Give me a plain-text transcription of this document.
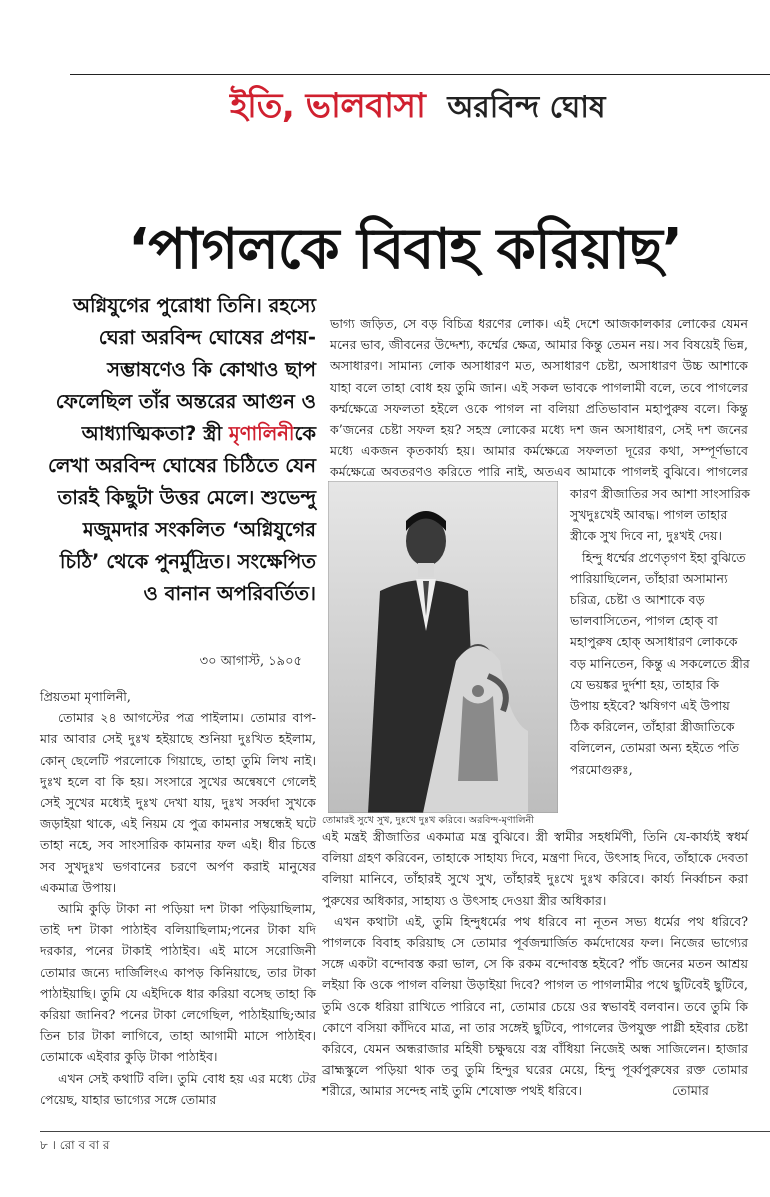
ইতি, ভালবাসা অরবিন্দ ঘোষ
‘পাগলকে বিবাহ করিয়াছ’
অগ্নিযুগের পুরোধা তিনি। রহস্যে ঘেরা অরবিন্দ ঘোষের প্রণয়-সম্ভাষণেও কি কোথাও ছাপ ফেলেছিল তাঁর অন্তরের আগুন ও আধ্যাত্মিকতা? স্ত্রী মৃণালিনীকে লেখা অরবিন্দ ঘোষের চিঠিতে যেন তারই কিছুটা উত্তর মেলে। শুভেন্দু মজুমদার সংকলিত ‘অগ্নিযুগের চিঠি’ থেকে পুনর্মুদ্রিত। সংক্ষেপিত ও বানান অপরিবর্তিত।
৩০ আগাস্ট, ১৯০৫

প্রিয়তমা মৃণালিনী,

তোমার ২৪ আগস্টের পত্র পাইলাম। তোমার বাপ-মার আবার সেই দুঃখ হইয়াছে শুনিয়া দুঃখিত হইলাম, কোন্ ছেলেটি পরলোকে গিয়াছে, তাহা তুমি লিখ নাই। দুঃখ হলে বা কি হয়। সংসারে সুখের অন্বেষণে গেলেই সেই সুখের মধ্যেই দুঃখ দেখা যায়, দুঃখ সর্ব্বদা সুখকে জড়াইয়া থাকে, এই নিয়ম যে পুত্র কামনার সম্বন্ধেই ঘটে তাহা নহে, সব সাংসারিক কামনার ফল এই। ধীর চিত্তে সব সুখদুঃখ ভগবানের চরণে অর্পণ করাই মানুষের একমাত্র উপায়।

আমি কুড়ি টাকা না পড়িয়া দশ টাকা পড়িয়াছিলাম, তাই দশ টাকা পাঠাইব বলিয়াছিলাম;পনের টাকা যদি দরকার, পনের টাকাই পাঠাইব। এই মাসে সরোজিনী তোমার জন্যে দার্জিলিংএ কাপড় কিনিয়াছে, তার টাকা পাঠাইয়াছি। তুমি যে এইদিকে ধার করিয়া বসেছ তাহা কি করিয়া জানিব? পনের টাকা লেগেছিল, পাঠাইয়াছি;আর তিন চার টাকা লাগিবে, তাহা আগামী মাসে পাঠাইব। তোমাকে এইবার কুড়ি টাকা পাঠাইব।

এখন সেই কথাটি বলি। তুমি বোধ হয় এর মধ্যে টের পেয়েছ, যাহার ভাগ্যের সঙ্গে তোমার

ভাগ্য জড়িত, সে বড় বিচিত্র ধরণের লোক। এই দেশে আজকালকার লোকের যেমন মনের ভাব, জীবনের উদ্দেশ্য, কর্ম্মের ক্ষেত্র, আমার কিন্তু তেমন নয়। সব বিষয়েই ভিন্ন, অসাধারণ। সামান্য লোক অসাধারণ মত, অসাধারণ চেষ্টা, অসাধারণ উচ্চ আশাকে যাহা বলে তাহা বোধ হয় তুমি জান। এই সকল ভাবকে পাগলামী বলে, তবে পাগলের কর্ম্মক্ষেত্রে সফলতা হইলে ওকে পাগল না বলিয়া প্রতিভাবান মহাপুরুষ বলে। কিন্তু ক’জনের চেষ্টা সফল হয়? সহস্র লোকের মধ্যে দশ জন অসাধারণ, সেই দশ জনের মধ্যে একজন কৃতকার্য্য হয়। আমার কর্মক্ষেত্রে সফলতা দূরের কথা, সম্পূর্ণভাবে কর্মক্ষেত্রে অবতরণও করিতে পারি নাই, অতএব আমাকে পাগলই বুঝিবে। পাগলের
তোমারই সুখে সুখ, দুঃখে দুঃখ করিবে। অরবিন্দ-মৃণালিনী

কারণ স্ত্রীজাতির সব আশা সাংসারিক সুখদুঃখেই আবদ্ধ। পাগল তাহার স্ত্রীকে সুখ দিবে না, দুঃখই দেয়।

হিন্দু ধর্ম্মের প্রণেতৃগণ ইহা বুঝিতে পারিয়াছিলেন, তাঁহারা অসামান্য চরিত্র, চেষ্টা ও আশাকে বড় ভালবাসিতেন, পাগল হোক্ বা মহাপুরুষ হোক্ অসাধারণ লোককে বড় মানিতেন, কিন্তু এ সকলেতে স্ত্রীর যে ভয়ঙ্কর দুর্দশা হয়, তাহার কি উপায় হইবে? ঋষিগণ এই উপায় ঠিক করিলেন, তাঁহারা স্ত্রীজাতিকে বলিলেন, তোমরা অন্য হইতে পতি পরমোগুরুঃ,

এই মন্ত্রই স্ত্রীজাতির একমাত্র মন্ত্র বুঝিবে। স্ত্রী স্বামীর সহধর্মিণী, তিনি যে-কাৰ্য্যই স্বধর্ম বলিয়া গ্রহণ করিবেন, তাহাকে সাহায্য দিবে, মন্ত্রণা দিবে, উৎসাহ দিবে, তাঁহাকে দেবতা বলিয়া মানিবে, তাঁহারই সুখে সুখ, তাঁহারই দুঃখে দুঃখ করিবে। কাৰ্য্য নির্ব্বাচন করা পুরুষের অধিকার, সাহায্য ও উৎসাহ দেওয়া স্ত্রীর অধিকার।

এখন কথাটা এই, তুমি হিন্দুধর্মের পথ ধরিবে না নূতন সভ্য ধর্মের পথ ধরিবে? পাগলকে বিবাহ করিয়াছ সে তোমার পূর্বজন্মার্জিত কর্মদোষের ফল। নিজের ভাগ্যের সঙ্গে একটা বন্দোবস্ত করা ভাল, সে কি রকম বন্দোবস্ত হইবে? পাঁচ জনের মতন আশ্রয় লইয়া কি ওকে পাগল বলিয়া উড়াইয়া দিবে? পাগল ত পাগলামীর পথে ছুটিবেই ছুটিবে, তুমি ওকে ধরিয়া রাখিতে পারিবে না, তোমার চেয়ে ওর স্বভাবই বলবান। তবে তুমি কি কোণে বসিয়া কাঁদিবে মাত্র, না তার সঙ্গেই ছুটিবে, পাগলের উপযুক্ত পাগ্লী হইবার চেষ্টা করিবে, যেমন অন্ধরাজার মহিষী চক্ষুদ্বয়ে বস্ত্র বাঁধিয়া নিজেই অন্ধ সাজিলেন। হাজার ব্রাহ্মস্কুলে পড়িয়া থাক তবু তুমি হিন্দুর ঘরের মেয়ে, হিন্দু পূর্ব্বপুরুষের রক্ত তোমার শরীরে, আমার সন্দেহ নাই তুমি শেষোক্ত পথই ধরিবে।	তোমার
৮ । রো ব বা র
